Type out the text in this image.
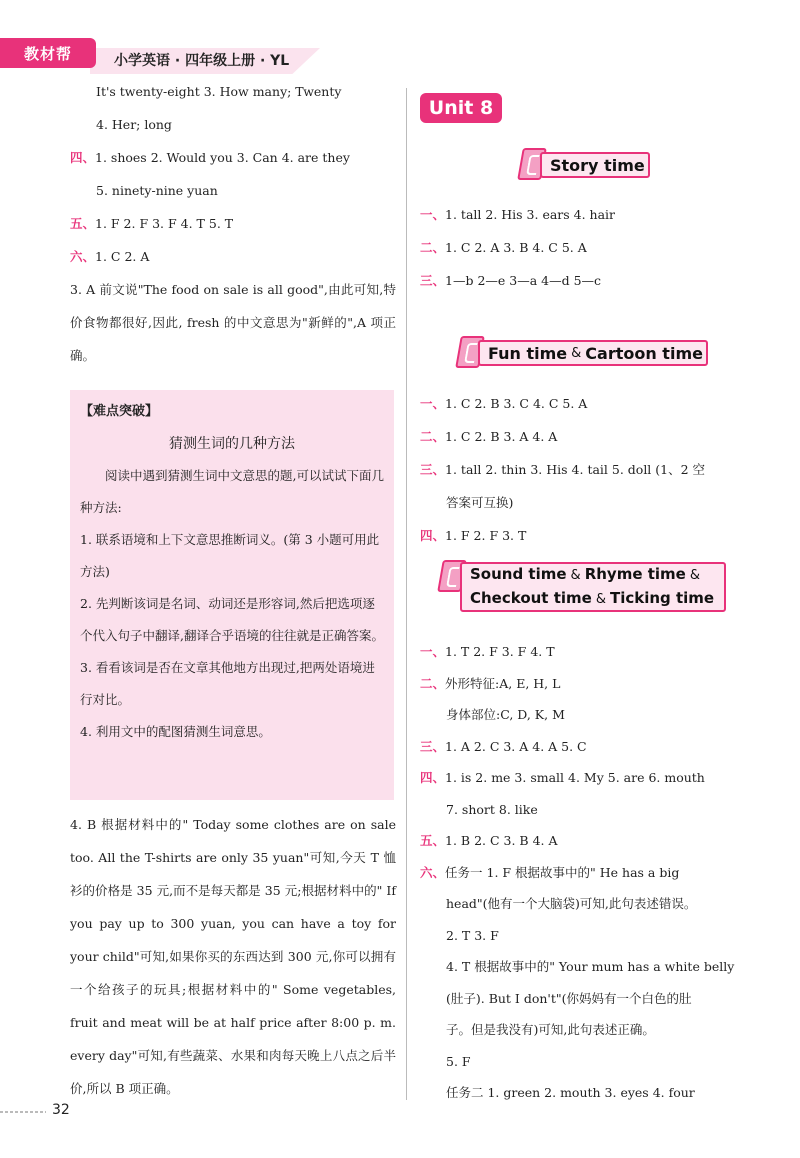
教材帮	小学英语 · 四年级上册 · YL
It's twenty-eight 3. How many; Twenty
4. Her; long
四、1. shoes 2. Would you 3. Can 4. are they
5. ninety-nine yuan
五、1. F 2. F 3. F 4. T 5. T
六、1. C 2. A
3. A 前文说"The food on sale is all good",由此可知,特价食物都很好,因此, fresh 的中文意思为"新鲜的",A 项正确。
【难点突破】
猜测生词的几种方法
阅读中遇到猜测生词中文意思的题,可以试试下面几种方法:
1. 联系语境和上下文意思推断词义。(第 3 小题可用此方法)
2. 先判断该词是名词、动词还是形容词,然后把选项逐个代入句子中翻译,翻译合乎语境的往往就是正确答案。
3. 看看该词是否在文章其他地方出现过,把两处语境进行对比。
4. 利用文中的配图猜测生词意思。
4. B 根据材料中的" Today some clothes are on sale too. All the T-shirts are only 35 yuan"可知,今天 T 恤衫的价格是 35 元,而不是每天都是 35 元;根据材料中的" If you pay up to 300 yuan, you can have a toy for your child"可知,如果你买的东西达到 300 元,你可以拥有一个给孩子的玩具;根据材料中的" Some vegetables, fruit and meat will be at half price after 8:00 p. m. every day"可知,有些蔬菜、水果和肉每天晚上八点之后半价,所以 B 项正确。
Unit 8
Story time
一、1. tall 2. His 3. ears 4. hair
二、1. C 2. A 3. B 4. C 5. A
三、1—b 2—e 3—a 4—d 5—c
Fun time & Cartoon time
一、1. C 2. B 3. C 4. C 5. A
二、1. C 2. B 3. A 4. A
三、1. tall 2. thin 3. His 4. tail 5. doll (1、2 空
答案可互换)
四、1. F 2. F 3. T
Sound time & Rhyme time &
Checkout time & Ticking time
一、1. T 2. F 3. F 4. T
二、外形特征:A, E, H, L
身体部位:C, D, K, M
三、1. A 2. C 3. A 4. A 5. C
四、1. is 2. me 3. small 4. My 5. are 6. mouth
7. short 8. like
五、1. B 2. C 3. B 4. A
六、任务一 1. F 根据故事中的" He has a big
head"(他有一个大脑袋)可知,此句表述错误。
2. T 3. F
4. T 根据故事中的" Your mum has a white belly
(肚子). But I don't"(你妈妈有一个白色的肚
子。但是我没有)可知,此句表述正确。
5. F
任务二 1. green 2. mouth 3. eyes 4. four
32
